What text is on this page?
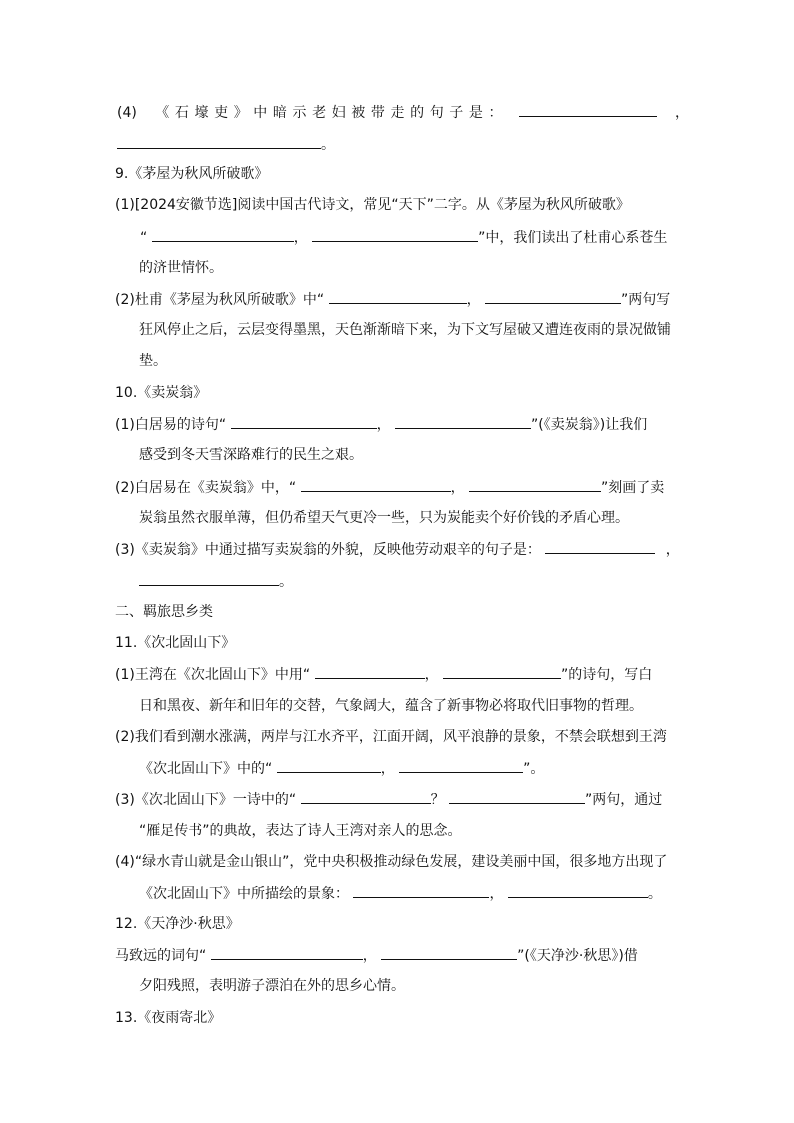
(4) 《石壕吏》中暗示老妇被带走的句子是：	，
。
9.《茅屋为秋风所破歌》
(1)[2024安徽节选]阅读中国古代诗文，常见“天下”二字。从《茅屋为秋风所破歌》
“	，	”中，我们读出了杜甫心系苍生
的济世情怀。
(2)杜甫《茅屋为秋风所破歌》中“	，	”两句写
狂风停止之后，云层变得墨黑，天色渐渐暗下来，为下文写屋破又遭连夜雨的景况做铺
垫。
10.《卖炭翁》
(1)白居易的诗句“	，	”(《卖炭翁》)让我们
感受到冬天雪深路难行的民生之艰。
(2)白居易在《卖炭翁》中，“	，	”刻画了卖
炭翁虽然衣服单薄，但仍希望天气更冷一些，只为炭能卖个好价钱的矛盾心理。
(3)《卖炭翁》中通过描写卖炭翁的外貌，反映他劳动艰辛的句子是：	，
。
二、羁旅思乡类
11.《次北固山下》
(1)王湾在《次北固山下》中用“	，	”的诗句，写白
日和黑夜、新年和旧年的交替，气象阔大，蕴含了新事物必将取代旧事物的哲理。
(2)我们看到潮水涨满，两岸与江水齐平，江面开阔，风平浪静的景象，不禁会联想到王湾
《次北固山下》中的“	，	”。
(3)《次北固山下》一诗中的“	？	”两句，通过
“雁足传书”的典故，表达了诗人王湾对亲人的思念。
(4)“绿水青山就是金山银山”，党中央积极推动绿色发展，建设美丽中国，很多地方出现了
《次北固山下》中所描绘的景象：	，	。
12.《天净沙·秋思》
马致远的词句“	，	”(《天净沙·秋思》)借
夕阳残照，表明游子漂泊在外的思乡心情。
13.《夜雨寄北》
